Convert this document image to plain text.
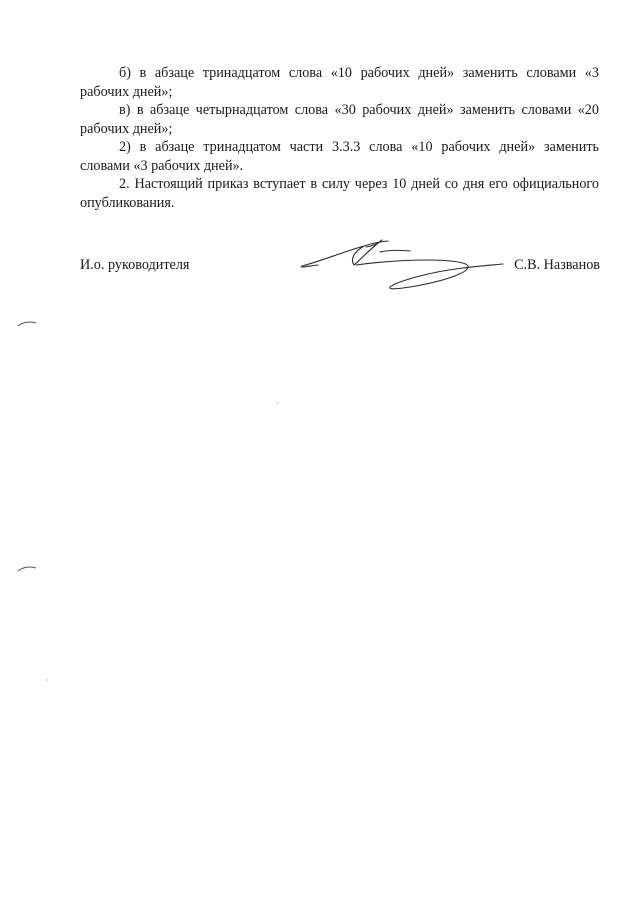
б) в абзаце тринадцатом слова «10 рабочих дней» заменить словами «3 рабочих дней»;

в) в абзаце четырнадцатом слова «30 рабочих дней» заменить словами «20 рабочих дней»;

2) в абзаце тринадцатом части 3.3.3 слова «10 рабочих дней» заменить словами «3 рабочих дней».

2. Настоящий приказ вступает в силу через 10 дней со дня его официального опубликования.

И.о. руководителя	С.В. Названов
